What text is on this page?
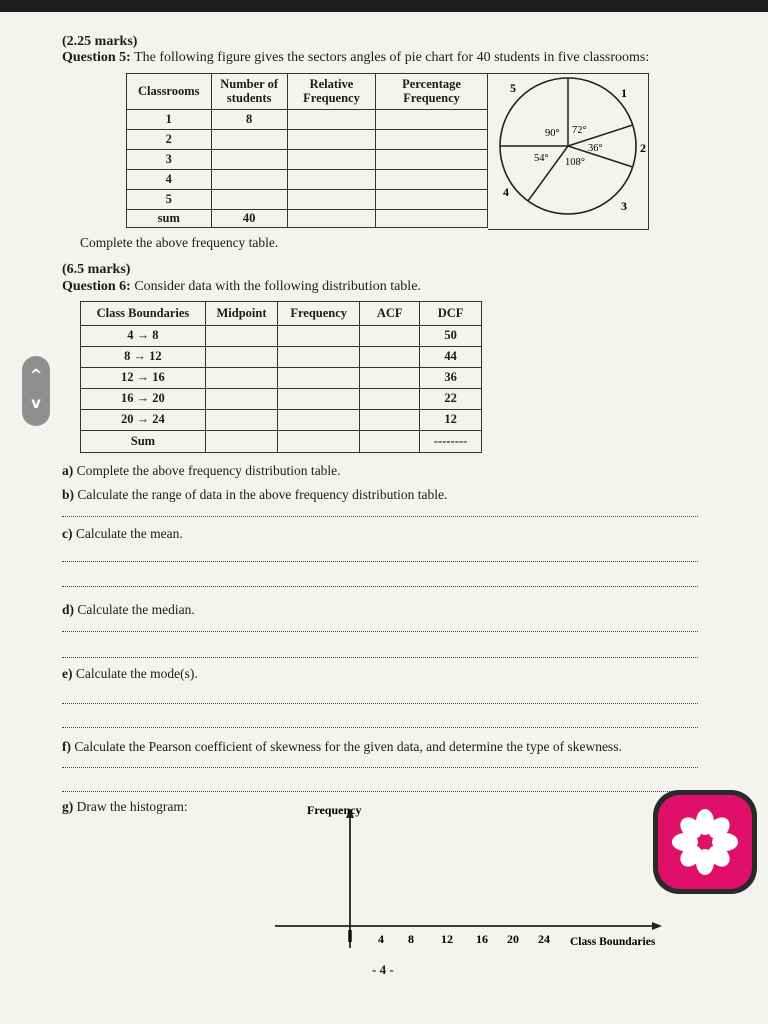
(2.25 marks)
Question 5: The following figure gives the sectors angles of pie chart for 40 students in five classrooms:
Classrooms	Number of students	Relative Frequency	Percentage Frequency
1	8		
2			
3			
4			
5			
sum	40		
1
2
3
4
5
90° 72°
36°
54° 108°
Complete the above frequency table.
(6.5 marks)
Question 6: Consider data with the following distribution table.
Class Boundaries	Midpoint	Frequency	ACF	DCF
4 → 8				50
8 → 12				44
12 → 16				36
16 → 20				22
20 → 24				12
Sum				--------
a) Complete the above frequency distribution table.
b) Calculate the range of data in the above frequency distribution table.
c) Calculate the mean.
d) Calculate the median.
e) Calculate the mode(s).
f) Calculate the Pearson coefficient of skewness for the given data, and determine the type of skewness.
g) Draw the histogram:	Frequency
Class Boundaries
4 8 12 16 20 24
- 4 -
^
v
